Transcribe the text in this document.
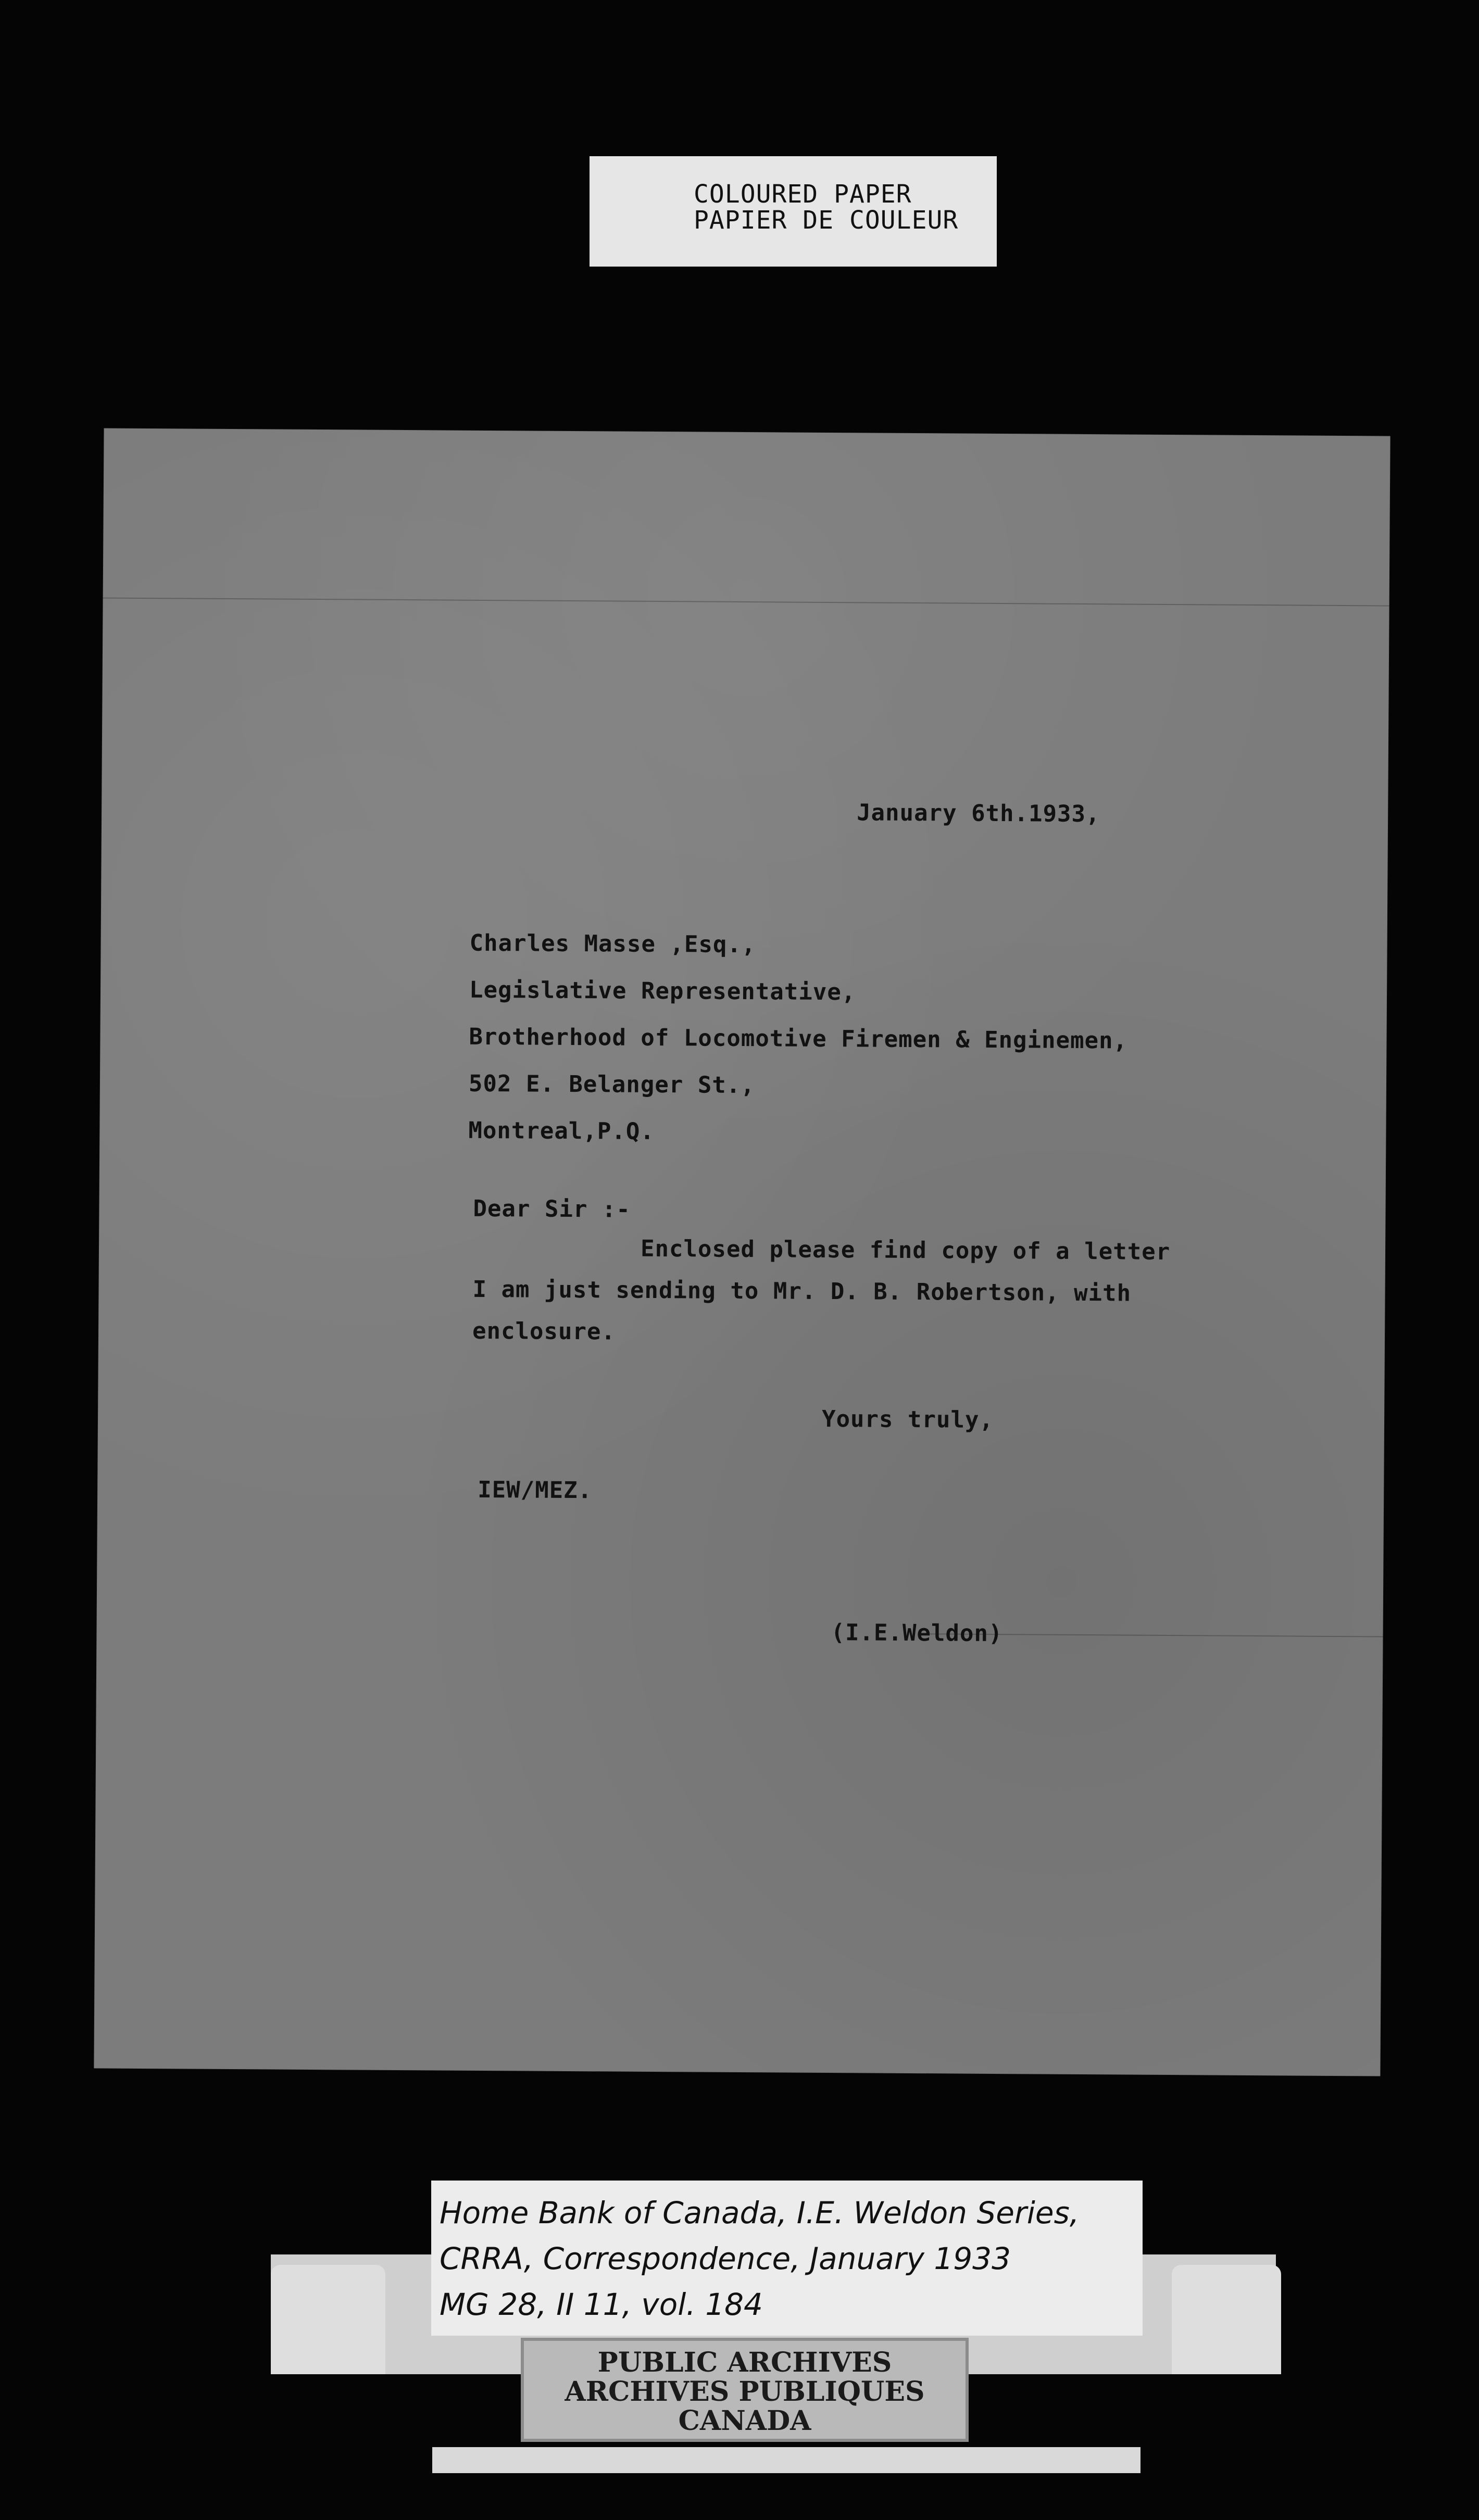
COLOURED PAPER
PAPIER DE COULEUR
January 6th.1933,
Charles Masse ,Esq.,
Legislative Representative,
Brotherhood of Locomotive Firemen & Enginemen,
502 E. Belanger St.,
Montreal,P.Q.
Dear Sir :-
Enclosed please find copy of a letter
I am just sending to Mr. D. B. Robertson, with
enclosure.
Yours truly,
IEW/MEZ.
(I.E.Weldon)
Home Bank of Canada, I.E. Weldon Series,
CRRA, Correspondence, January 1933
MG 28, II 11, vol. 184
PUBLIC ARCHIVES
ARCHIVES PUBLIQUES
CANADA
